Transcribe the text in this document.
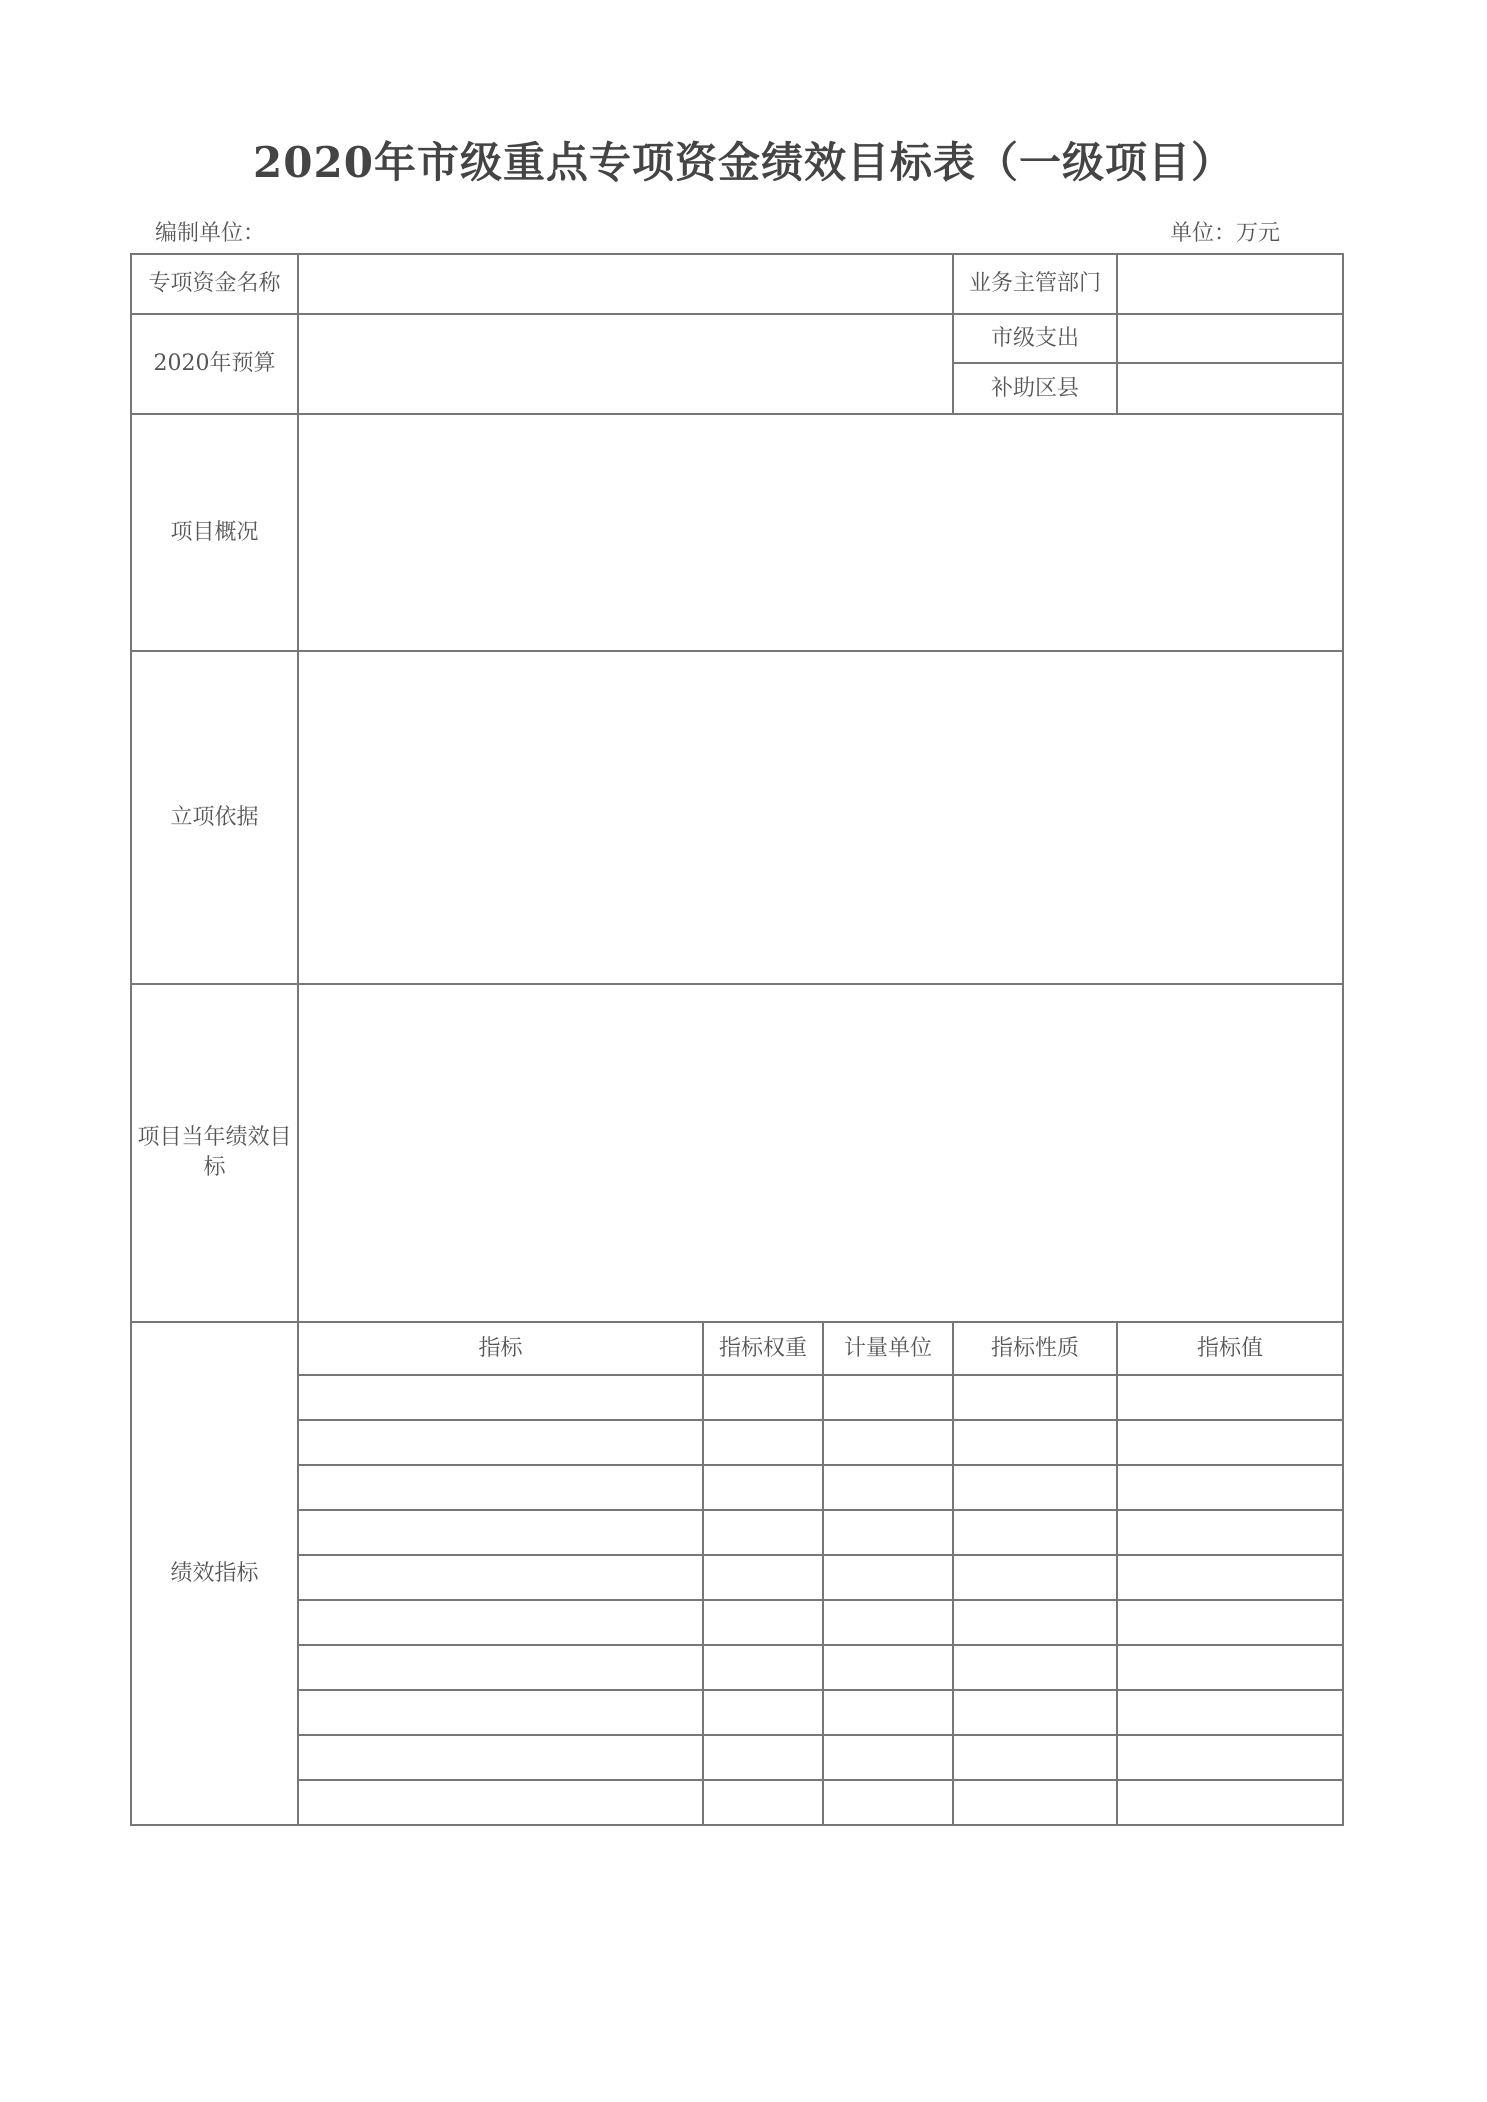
2020年市级重点专项资金绩效目标表（一级项目）
编制单位：	单位：万元
专项资金名称				业务主管部门	
2020年预算				市级支出	
				补助区县	
项目概况					
立项依据					
项目当年绩效目标					
绩效指标	指标	指标权重	计量单位	指标性质	指标值
